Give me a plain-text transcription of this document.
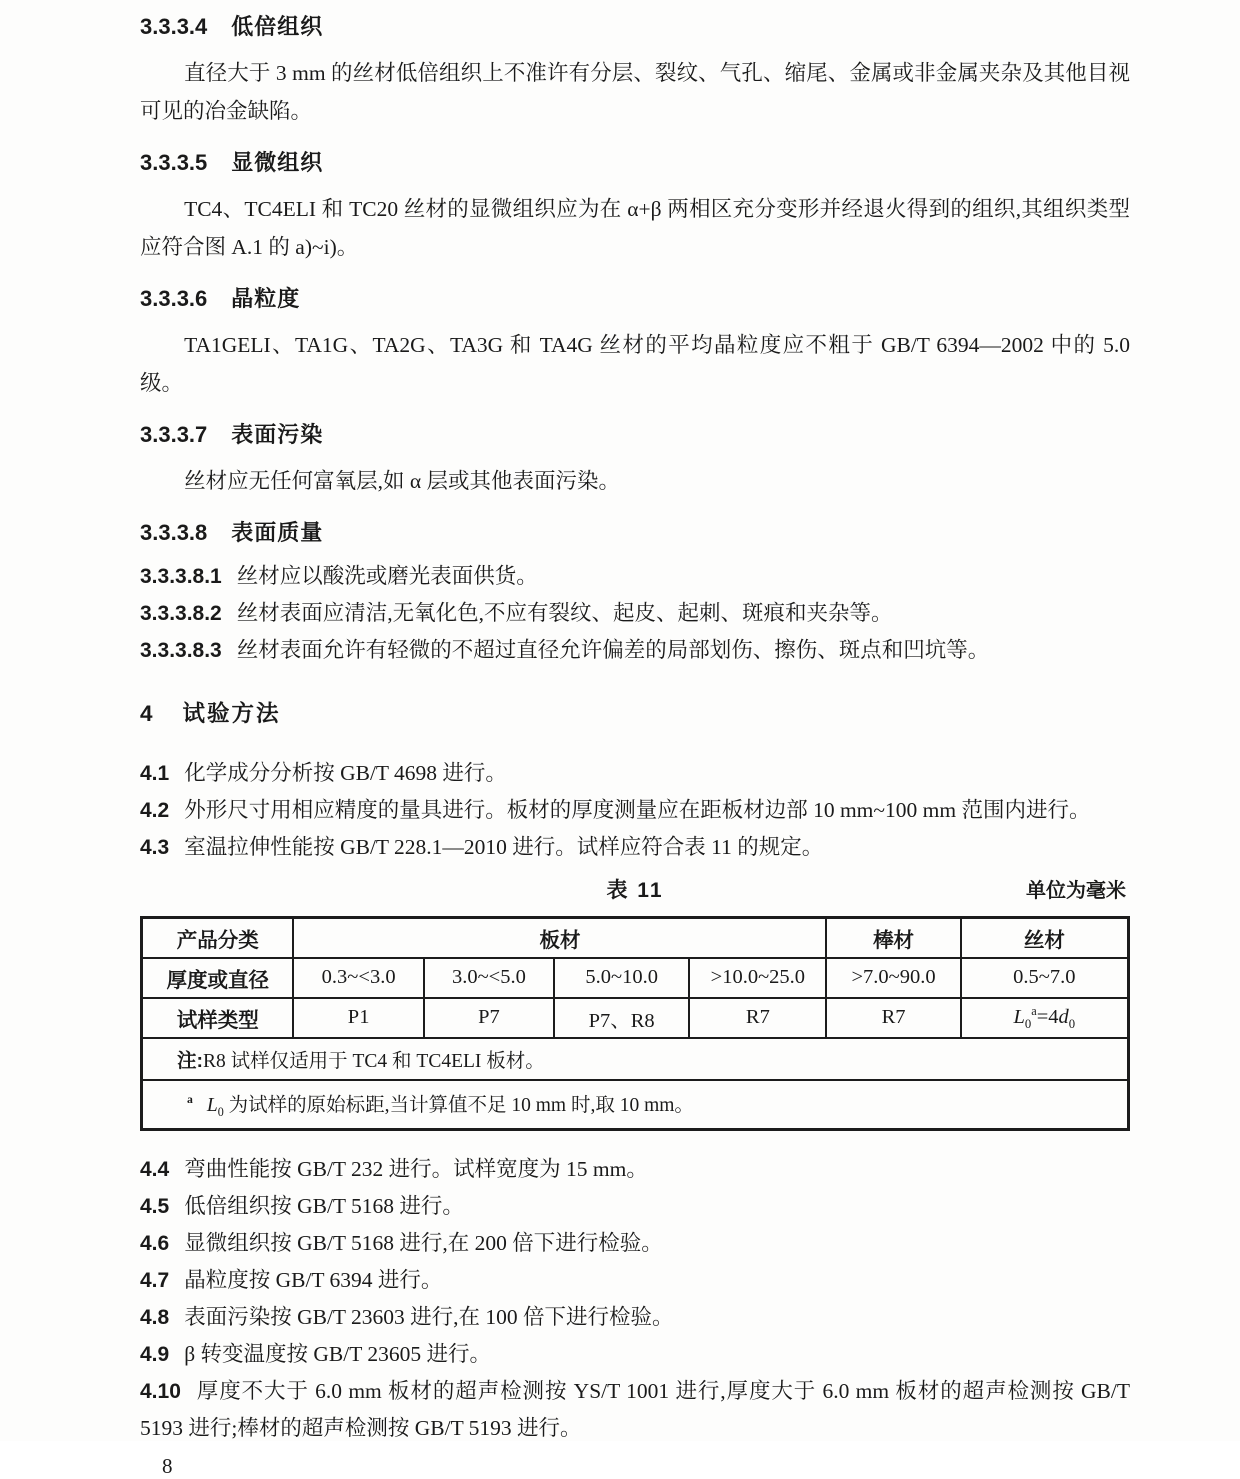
3.3.3.4 低倍组织

直径大于 3 mm 的丝材低倍组织上不准许有分层、裂纹、气孔、缩尾、金属或非金属夹杂及其他目视可见的冶金缺陷。

3.3.3.5 显微组织

TC4、TC4ELI 和 TC20 丝材的显微组织应为在 α+β 两相区充分变形并经退火得到的组织,其组织类型应符合图 A.1 的 a)~i)。

3.3.3.6 晶粒度

TA1GELI、TA1G、TA2G、TA3G 和 TA4G 丝材的平均晶粒度应不粗于 GB/T 6394—2002 中的 5.0 级。

3.3.3.7 表面污染

丝材应无任何富氧层,如 α 层或其他表面污染。

3.3.3.8 表面质量

3.3.3.8.1 丝材应以酸洗或磨光表面供货。

3.3.3.8.2 丝材表面应清洁,无氧化色,不应有裂纹、起皮、起刺、斑痕和夹杂等。

3.3.3.8.3 丝材表面允许有轻微的不超过直径允许偏差的局部划伤、擦伤、斑点和凹坑等。

4 试验方法

4.1 化学成分分析按 GB/T 4698 进行。

4.2 外形尺寸用相应精度的量具进行。板材的厚度测量应在距板材边部 10 mm~100 mm 范围内进行。

4.3 室温拉伸性能按 GB/T 228.1—2010 进行。试样应符合表 11 的规定。

表 11	单位为毫米
产品分类	板材				棒材	丝材
厚度或直径	0.3~<3.0	3.0~<5.0	5.0~10.0	>10.0~25.0	>7.0~90.0	0.5~7.0
试样类型	P1	P7	P7、R8	R7	R7	$L_0^a=4d_0$
注:R8 试样仅适用于 TC4 和 TC4ELI 板材。						
$^a$ $L_0$ 为试样的原始标距,当计算值不足 10 mm 时,取 10 mm。						

4.4 弯曲性能按 GB/T 232 进行。试样宽度为 15 mm。

4.5 低倍组织按 GB/T 5168 进行。

4.6 显微组织按 GB/T 5168 进行,在 200 倍下进行检验。

4.7 晶粒度按 GB/T 6394 进行。

4.8 表面污染按 GB/T 23603 进行,在 100 倍下进行检验。

4.9 β 转变温度按 GB/T 23605 进行。

4.10 厚度不大于 6.0 mm 板材的超声检测按 YS/T 1001 进行,厚度大于 6.0 mm 板材的超声检测按 GB/T 5193 进行;棒材的超声检测按 GB/T 5193 进行。

8
